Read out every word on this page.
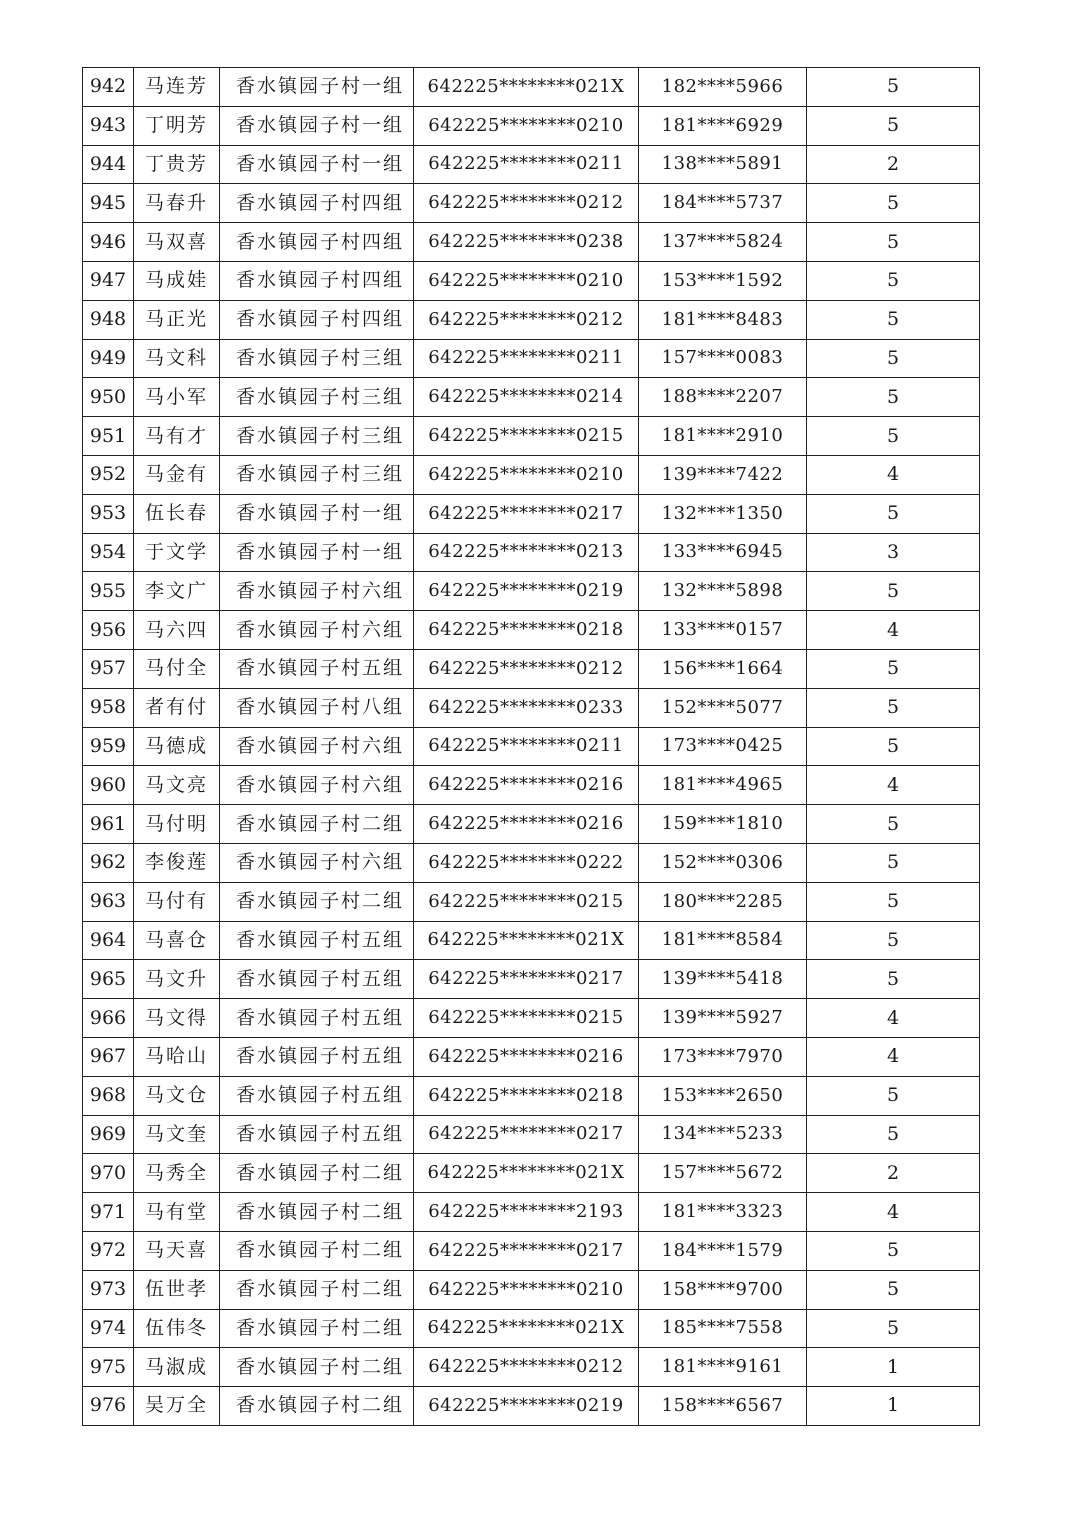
942	马连芳	香水镇园子村一组	642225********021X	182****5966	5
943	丁明芳	香水镇园子村一组	642225********0210	181****6929	5
944	丁贵芳	香水镇园子村一组	642225********0211	138****5891	2
945	马春升	香水镇园子村四组	642225********0212	184****5737	5
946	马双喜	香水镇园子村四组	642225********0238	137****5824	5
947	马成娃	香水镇园子村四组	642225********0210	153****1592	5
948	马正光	香水镇园子村四组	642225********0212	181****8483	5
949	马文科	香水镇园子村三组	642225********0211	157****0083	5
950	马小军	香水镇园子村三组	642225********0214	188****2207	5
951	马有才	香水镇园子村三组	642225********0215	181****2910	5
952	马金有	香水镇园子村三组	642225********0210	139****7422	4
953	伍长春	香水镇园子村一组	642225********0217	132****1350	5
954	于文学	香水镇园子村一组	642225********0213	133****6945	3
955	李文广	香水镇园子村六组	642225********0219	132****5898	5
956	马六四	香水镇园子村六组	642225********0218	133****0157	4
957	马付全	香水镇园子村五组	642225********0212	156****1664	5
958	者有付	香水镇园子村八组	642225********0233	152****5077	5
959	马德成	香水镇园子村六组	642225********0211	173****0425	5
960	马文亮	香水镇园子村六组	642225********0216	181****4965	4
961	马付明	香水镇园子村二组	642225********0216	159****1810	5
962	李俊莲	香水镇园子村六组	642225********0222	152****0306	5
963	马付有	香水镇园子村二组	642225********0215	180****2285	5
964	马喜仓	香水镇园子村五组	642225********021X	181****8584	5
965	马文升	香水镇园子村五组	642225********0217	139****5418	5
966	马文得	香水镇园子村五组	642225********0215	139****5927	4
967	马哈山	香水镇园子村五组	642225********0216	173****7970	4
968	马文仓	香水镇园子村五组	642225********0218	153****2650	5
969	马文奎	香水镇园子村五组	642225********0217	134****5233	5
970	马秀全	香水镇园子村二组	642225********021X	157****5672	2
971	马有堂	香水镇园子村二组	642225********2193	181****3323	4
972	马天喜	香水镇园子村二组	642225********0217	184****1579	5
973	伍世孝	香水镇园子村二组	642225********0210	158****9700	5
974	伍伟冬	香水镇园子村二组	642225********021X	185****7558	5
975	马淑成	香水镇园子村二组	642225********0212	181****9161	1
976	吴万全	香水镇园子村二组	642225********0219	158****6567	1
